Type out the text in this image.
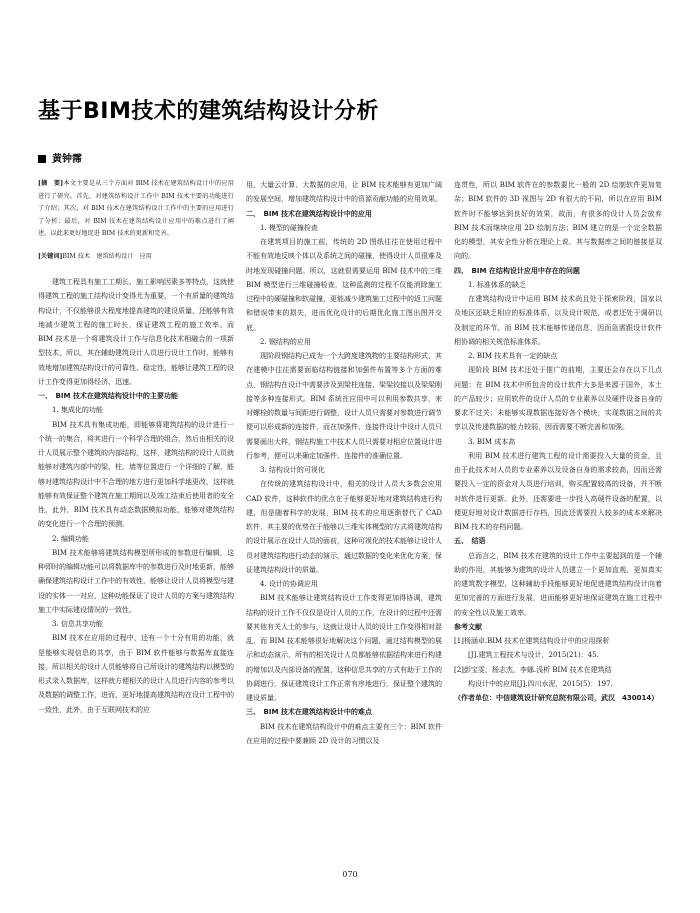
基于BIM技术的建筑结构设计分析
黄钟霈

[摘　要]本文主要是从三个方面对 BIM 技术在建筑结构设计中的应用进行了研究。首先，对建筑结构设计工作中 BIM 技术主要的功能进行了介绍；其次，对 BIM 技术在建筑结构设计工作中的主要的应用进行了分析；最后，对 BIM 技术在建筑结构设计应用中的难点进行了阐述，以此来更好地促进 BIM 技术的更新和完善。

[关键词]BIM 技术　建筑结构设计　应用

建筑工程具有施工工期长、施工影响因素多等特点，这就使得建筑工程的施工结构设计变得尤为重要，一个有质量的建筑结构设计，不仅能够很大程度地提高建筑的建设质量，还能够有效地减少建筑工程的施工时长，保证建筑工程的施工效率。而 BIM 技术是一个将建筑设计工作与信息化技术相融合的一项新型技术，所以，其在辅助建筑设计人员进行设计工作时，能够有效地增加建筑结构设计的可靠性、稳定性，能够让建筑工程的设计工作变得更加得经济、迅速。

一、　BIM 技术在建筑结构设计中的主要功能
1. 集成化的功能

BIM 技术具有集成功能，即能够将建筑结构的设计进行一个统一的集合，将其进行一个科学合理的组合，然后由相关的设计人员展示整个建筑的内部结构，这样，建筑结构的设计人员就能够对建筑内部中的梁、柱、墙等位置进行一个详细的了解，能够对建筑结构设计中不合理的地方进行更加科学地更改，这样就能够有效保证整个建筑在施工期间以及竣工结束后使用者的安全性，此外，BIM 技术具有动态数据模拟功能，能够对建筑结构的变化进行一个合理的预测。

2. 编辑功能

BIM 技术能够将建筑结构模型所形成的参数进行编辑，这种即时的编辑功能可以将数据库中的参数进行及时地更新，能够确保建筑结构设计工作中的有效性，能够让设计人员将模型与建设的实体一一对应，这种功能保证了设计人员的方案与建筑结构施工中实际建设情况的一致性。

3. 信息共享功能

BIM 技术在应用的过程中，还有一个十分有用的功能，就是能够实现信息的共享，由于 BIM 软件能够与数据库直接连接，所以相关的设计人员能够将自己所设计的建筑结构以模型的形式录入数据库，这样就方便相关的设计人员进行内容的参考以及数据的调整工作，进而，更好地提高建筑结构在设计工程中的一致性，此外，由于互联网技术的应

用，大量云计算、大数据的应用，让 BIM 技术能够有更加广阔的发展空间，增加建筑结构设计中的资源贡献功能的应用效果。

二、　BIM 技术在建筑结构设计中的应用
1. 模型的碰撞检查

在建筑项目的施工前，传统的 2D 图纸往往在使用过程中不能有效地反映个体以及系统之间的碰撞，使得设计人员很难及时地发现碰撞问题。所以，这就很需要运用 BIM 技术中的三维 BIM 模型进行三维碰撞检查，这种监测的过程不仅能消除施工过程中的硬碰撞和软碰撞，更能减少建筑施工过程中的返工问题和错误带来的损失，进而优化设计的后期优化施工图出图并交底。

2. 钢结构的应用

现阶段钢结构已成为一个大跨度建筑物的主要结构形式，其在建模中往往需要面临结构链接和加强件布置等多个方面的难点，钢结构在设计中需要涉及到梁柱连接、梁梁铰接以及梁梁刚接等多种连接形式。BIM 系统在应用中可以利用参数共享，来对螺栓的数量与间距进行调整，设计人员只需要对参数进行调节便可以形成新的连接件，而在加强件、连接件设计中设计人员只需要画出大样，钢结构施工中技术人员只需要对相应位置设计进行参考，便可以来确定加强件、连接件的准确位置。

3. 结构设计的可视化

在传统的建筑结构设计中，相关的设计人员大多数会应用 CAD 软件，这种软件的优点在于能够更好地对建筑结构进行构建，但是随着科学的发展，BIM 技术的应用逐渐替代了 CAD 软件，其主要的优势在于能够以三维实体模型的方式将建筑结构的设计展示在设计人员的面前，这种可视化的技术能够让设计人员对建筑结构进行动态的演示，通过数据的变化来优化方案，保证建筑结构设计的质量。

4. 设计的协调应用

BIM 技术能够让建筑结构设计工作变得更加得协调，建筑结构的设计工作不仅仅是设计人员的工作，在设计的过程中还需要其他有关人士的参与，这就让设计人员的设计工作变得相对混乱，而 BIM 技术能够很好地解决这个问题，通过结构模型的展示和动态演示，所有的相关设计人员都能够依据结构来进行构建的增加以及内部设备的配置，这种信息共享的方式有助于工作的协调进行，保证建筑设计工作正常有序地进行，保证整个建筑的建设质量。

三、　BIM 技术在建筑结构设计中的难点

BIM 技术在建筑结构设计中的难点主要有三个：BIM 软件在应用的过程中要兼顾 2D 设计的习惯以及

连贯性，所以 BIM 软件在的参数要比一般的 2D 绘制软件更加复杂；BIM 软件的 3D 视图与 2D 有很大的不同，所以在应用 BIM 软件时不能够达到良好的效果，故而，有很多的设计人员会放弃 BIM 技术而继续应用 2D 绘制方法；BIM 建立的是一个完全数据化的模型，其安全性分析在理论上说，其与数据库之间的链接是双向的。

四、　BIM 在结构设计应用中存在的问题
1. 标准体系的缺乏

在建筑结构设计中运用 BIM 技术尚且处于探索阶段，国家以及地区还缺乏相应的标准体系，以及设计规范，或者还处于调研以及制定的环节。而 BIM 技术能够传递信息，因而急需跟设计软件相协调的相关规范标准体系。

2. BIM 技术具有一定的缺点

现阶段 BIM 技术还处于推广的前期，主要还会存在以下几点问题：在 BIM 技术中所包含的设计软件大多是来源于国外，本土的产品较少；应用软件的设计人员的专业素养以及硬件设备自身的要求不过关；未能够实现数据连接好各个模块，实现数据之间的共享以及传递数据的能力较弱，因而需要不断完善和加强。

3. BIM 成本高

利用 BIM 技术进行建筑工程的设计需要投入大量的资金，且由于此技术对人员的专业素养以及设备自身的需求较高，因而还需要投入一定的资金对人员进行培训，购买配置较高的设备，并不断对软件进行更新。此外，还需要进一步投入高硬件设备的配置，以便更好地对设计数据进行存档，因此还需要投入较多的成本来解决 BIM 技术的存档问题。

五、　结语

总而言之，BIM 技术在建筑的设计工作中主要起到的是一个辅助的作用，其能够为建筑的设计人员建立一个更加直观、更加真实的建筑数字模型，这种辅助手段能够更好地促进建筑结构设计向着更加完善的方面进行发展，进而能够更好地保证建筑在施工过程中的安全性以及施工效率。

参考文献

[1]杨涵卓.BIM 技术在建筑结构设计中的应用探析

[J].建筑工程技术与设计，2015(21)：45.

[2]彭宝雯，杨志杰，李娜.浅析 BIM 技术在建筑结

构设计中的应用[J].四川水泥，2015(5)：197.

（作者单位：中信建筑设计研究总院有限公司，武汉　430014）

070
